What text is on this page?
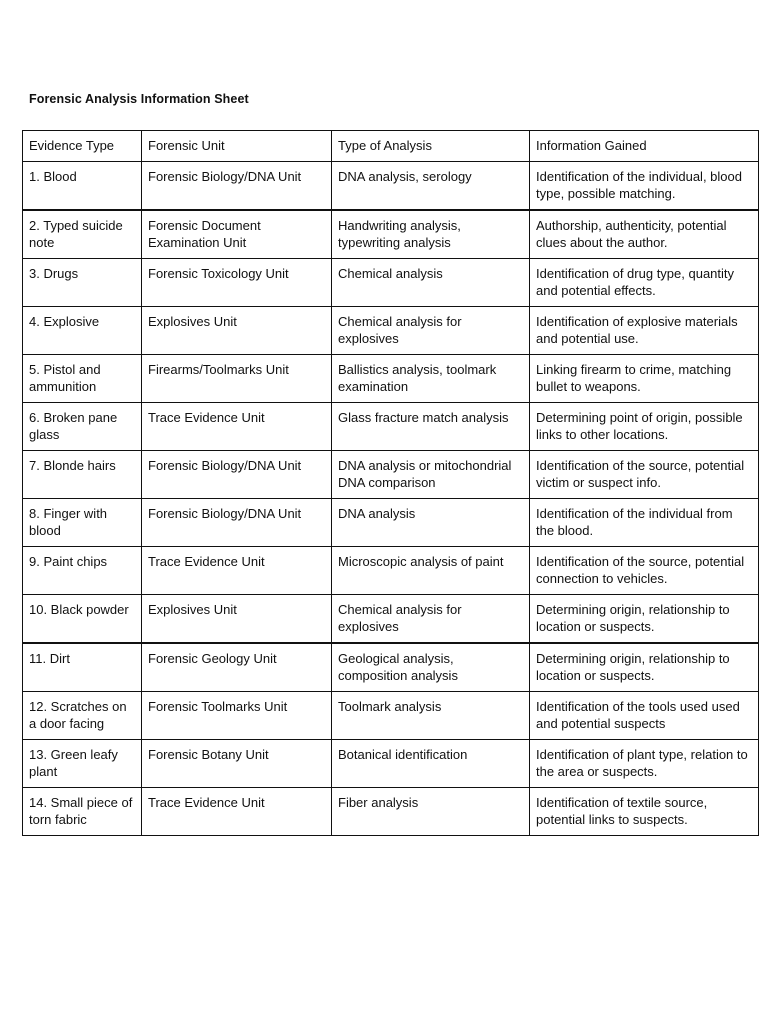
Forensic Analysis Information Sheet
Evidence Type	Forensic Unit	Type of Analysis	Information Gained
1. Blood	Forensic Biology/DNA Unit	DNA analysis, serology	Identification of the individual, blood type, possible matching.
2. Typed suicide note	Forensic Document Examination Unit	Handwriting analysis, typewriting analysis	Authorship, authenticity, potential clues about the author.
3. Drugs	Forensic Toxicology Unit	Chemical analysis	Identification of drug type, quantity and potential effects.
4. Explosive	Explosives Unit	Chemical analysis for explosives	Identification of explosive materials and potential use.
5. Pistol and ammunition	Firearms/Toolmarks Unit	Ballistics analysis, toolmark examination	Linking firearm to crime, matching bullet to weapons.
6. Broken pane glass	Trace Evidence Unit	Glass fracture match analysis	Determining point of origin, possible links to other locations.
7. Blonde hairs	Forensic Biology/DNA Unit	DNA analysis or mitochondrial DNA comparison	Identification of the source, potential victim or suspect info.
8. Finger with blood	Forensic Biology/DNA Unit	DNA analysis	Identification of the individual from the blood.
9. Paint chips	Trace Evidence Unit	Microscopic analysis of paint	Identification of the source, potential connection to vehicles.
10. Black powder	Explosives Unit	Chemical analysis for explosives	Determining origin, relationship to location or suspects.
11. Dirt	Forensic Geology Unit	Geological analysis, composition analysis	Determining origin, relationship to location or suspects.
12. Scratches on a door facing	Forensic Toolmarks Unit	Toolmark analysis	Identification of the tools used used and potential suspects
13. Green leafy plant	Forensic Botany Unit	Botanical identification	Identification of plant type, relation to the area or suspects.
14. Small piece of torn fabric	Trace Evidence Unit	Fiber analysis	Identification of textile source, potential links to suspects.
